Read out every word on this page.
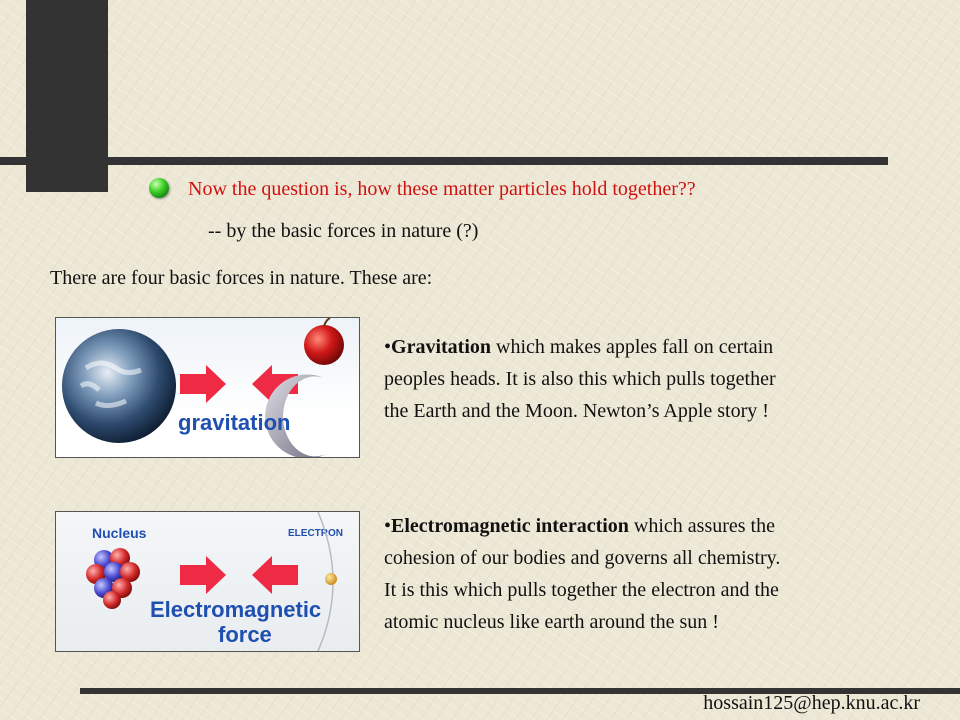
Now the question is, how these matter particles hold together??
-- by the basic forces in nature (?)
There are four basic forces in nature. These are:
gravitation
Nucleus	ELECTRON
Electromagnetic
force
•Gravitation which makes apples fall on certain
peoples heads. It is also this which pulls together
the Earth and the Moon. Newton’s Apple story !
•Electromagnetic interaction which assures the
cohesion of our bodies and governs all chemistry.
It is this which pulls together the electron and the
atomic nucleus like earth around the sun !
hossain125@hep.knu.ac.kr
